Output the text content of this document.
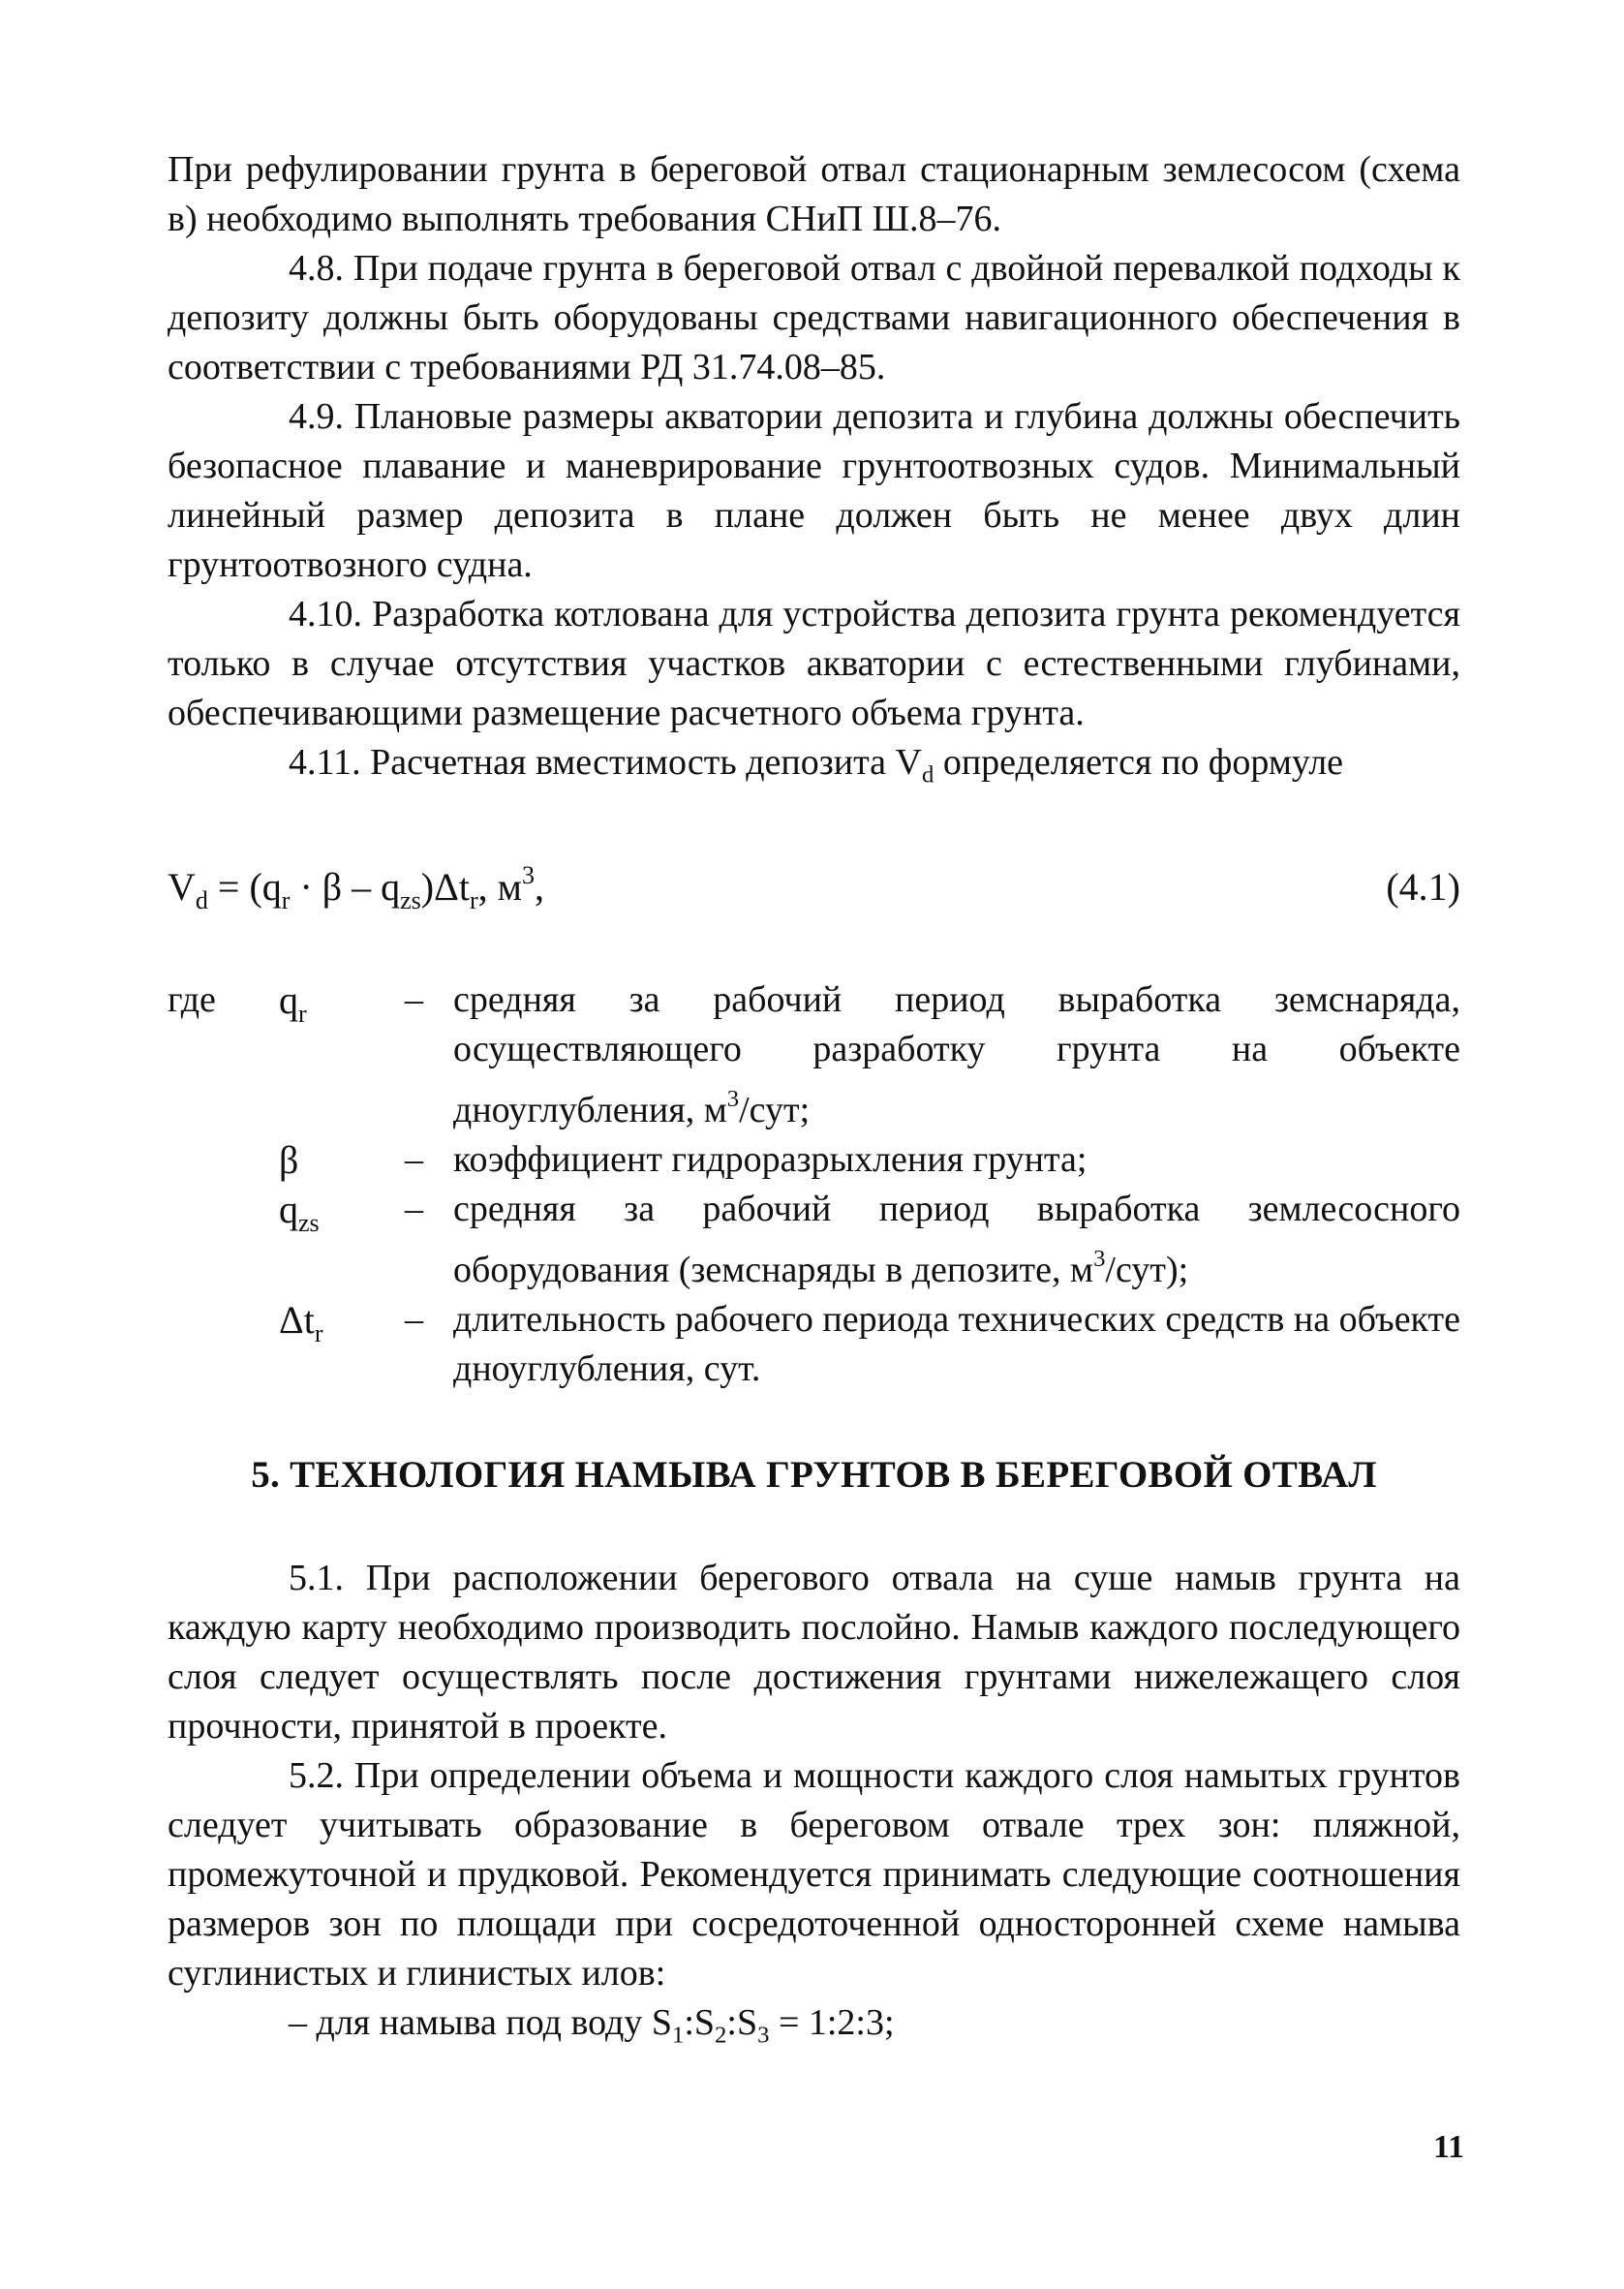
При рефулировании грунта в береговой отвал стационарным землесосом (схема в) необходимо выполнять требования СНиП Ш.8–76.

4.8. При подаче грунта в береговой отвал с двойной перевалкой подходы к депозиту должны быть оборудованы средствами навигационного обеспечения в соответствии с требованиями РД 31.74.08–85.

4.9. Плановые размеры акватории депозита и глубина должны обеспечить безопасное плавание и маневрирование грунтоотвозных судов. Минимальный линейный размер депозита в плане должен быть не менее двух длин грунтоотвозного судна.

4.10. Разработка котлована для устройства депозита грунта рекомендуется только в случае отсутствия участков акватории с естественными глубинами, обеспечивающими размещение расчетного объема грунта.

4.11. Расчетная вместимость депозита $V_d$ определяется по формуле

$V_d = (q_r \cdot \beta - q_{zs})\Delta t_r$, $м^3$,	(4.1)
где	$q_r$	– средняя за рабочий период выработка земснаряда, осуществляющего разработку грунта на объекте дноуглубления, $м^3$/сут;
β	– коэффициент гидроразрыхления грунта;
$q_{zs}$	– средняя за рабочий период выработка землесосного оборудования (земснаряды в депозите, $м^3/сут$);
$\Delta t_r$	– длительность рабочего периода технических средств на объекте дноуглубления, сут.
5. ТЕХНОЛОГИЯ НАМЫВА ГРУНТОВ В БЕРЕГОВОЙ ОТВАЛ

5.1. При расположении берегового отвала на суше намыв грунта на каждую карту необходимо производить послойно. Намыв каждого последующего слоя следует осуществлять после достижения грунтами нижележащего слоя прочности, принятой в проекте.

5.2. При определении объема и мощности каждого слоя намытых грунтов следует учитывать образование в береговом отвале трех зон: пляжной, промежуточной и прудковой. Рекомендуется принимать следующие соотношения размеров зон по площади при сосредоточенной односторонней схеме намыва суглинистых и глинистых илов:

– для намыва под воду $S_1:S_2:S_3$ = 1:2:3;

11
